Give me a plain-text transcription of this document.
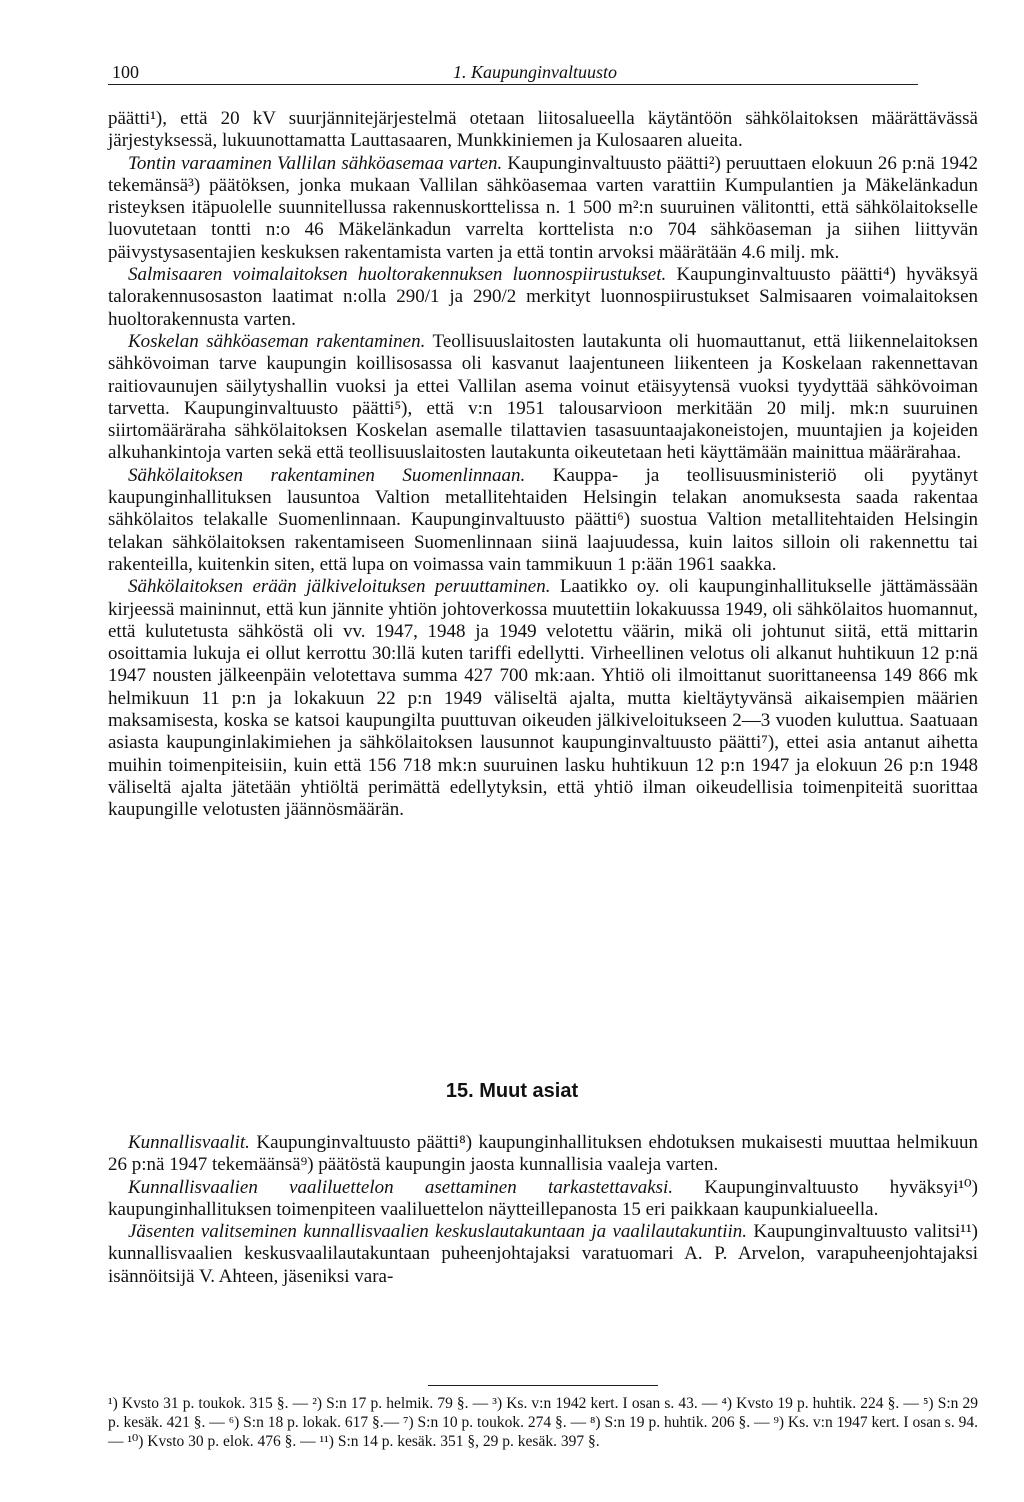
100	1. Kaupunginvaltuusto

päätti¹), että 20 kV suurjännitejärjestelmä otetaan liitosalueella käytäntöön sähkölaitoksen määrättävässä järjestyksessä, lukuunottamatta Lauttasaaren, Munkkiniemen ja Kulosaaren alueita.

Tontin varaaminen Vallilan sähköasemaa varten. Kaupunginvaltuusto päätti²) peruuttaen elokuun 26 p:nä 1942 tekemänsä³) päätöksen, jonka mukaan Vallilan sähköasemaa varten varattiin Kumpulantien ja Mäkelänkadun risteyksen itäpuolelle suunnitellussa rakennuskorttelissa n. 1 500 m²:n suuruinen välitontti, että sähkölaitokselle luovutetaan tontti n:o 46 Mäkelänkadun varrelta korttelista n:o 704 sähköaseman ja siihen liittyvän päivystysasentajien keskuksen rakentamista varten ja että tontin arvoksi määrätään 4.6 milj. mk.

Salmisaaren voimalaitoksen huoltorakennuksen luonnospiirustukset. Kaupunginvaltuusto päätti⁴) hyväksyä talorakennusosaston laatimat n:olla 290/1 ja 290/2 merkityt luonnospiirustukset Salmisaaren voimalaitoksen huoltorakennusta varten.

Koskelan sähköaseman rakentaminen. Teollisuuslaitosten lautakunta oli huomauttanut, että liikennelaitoksen sähkövoiman tarve kaupungin koillisosassa oli kasvanut laajentuneen liikenteen ja Koskelaan rakennettavan raitiovaunujen säilytyshallin vuoksi ja ettei Vallilan asema voinut etäisyytensä vuoksi tyydyttää sähkövoiman tarvetta. Kaupunginvaltuusto päätti⁵), että v:n 1951 talousarvioon merkitään 20 milj. mk:n suuruinen siirtomääräraha sähkölaitoksen Koskelan asemalle tilattavien tasasuuntaajakoneistojen, muuntajien ja kojeiden alkuhankintoja varten sekä että teollisuuslaitosten lautakunta oikeutetaan heti käyttämään mainittua määrärahaa.

Sähkölaitoksen rakentaminen Suomenlinnaan. Kauppa- ja teollisuusministeriö oli pyytänyt kaupunginhallituksen lausuntoa Valtion metallitehtaiden Helsingin telakan anomuksesta saada rakentaa sähkölaitos telakalle Suomenlinnaan. Kaupunginvaltuusto päätti⁶) suostua Valtion metallitehtaiden Helsingin telakan sähkölaitoksen rakentamiseen Suomenlinnaan siinä laajuudessa, kuin laitos silloin oli rakennettu tai rakenteilla, kuitenkin siten, että lupa on voimassa vain tammikuun 1 p:ään 1961 saakka.

Sähkölaitoksen erään jälkiveloituksen peruuttaminen. Laatikko oy. oli kaupunginhallitukselle jättämässään kirjeessä maininnut, että kun jännite yhtiön johtoverkossa muutettiin lokakuussa 1949, oli sähkölaitos huomannut, että kulutetusta sähköstä oli vv. 1947, 1948 ja 1949 velotettu väärin, mikä oli johtunut siitä, että mittarin osoittamia lukuja ei ollut kerrottu 30:llä kuten tariffi edellytti. Virheellinen velotus oli alkanut huhtikuun 12 p:nä 1947 nousten jälkeenpäin velotettava summa 427 700 mk:aan. Yhtiö oli ilmoittanut suorittaneensa 149 866 mk helmikuun 11 p:n ja lokakuun 22 p:n 1949 väliseltä ajalta, mutta kieltäytyvänsä aikaisempien määrien maksamisesta, koska se katsoi kaupungilta puuttuvan oikeuden jälkiveloitukseen 2—3 vuoden kuluttua. Saatuaan asiasta kaupunginlakimiehen ja sähkölaitoksen lausunnot kaupunginvaltuusto päätti⁷), ettei asia antanut aihetta muihin toimenpiteisiin, kuin että 156 718 mk:n suuruinen lasku huhtikuun 12 p:n 1947 ja elokuun 26 p:n 1948 väliseltä ajalta jätetään yhtiöltä perimättä edellytyksin, että yhtiö ilman oikeudellisia toimenpiteitä suorittaa kaupungille velotusten jäännösmäärän.

15. Muut asiat

Kunnallisvaalit. Kaupunginvaltuusto päätti⁸) kaupunginhallituksen ehdotuksen mukaisesti muuttaa helmikuun 26 p:nä 1947 tekemäänsä⁹) päätöstä kaupungin jaosta kunnallisia vaaleja varten.

Kunnallisvaalien vaaliluettelon asettaminen tarkastettavaksi. Kaupunginvaltuusto hyväksyi¹⁰) kaupunginhallituksen toimenpiteen vaaliluettelon näytteillepanosta 15 eri paikkaan kaupunkialueella.

Jäsenten valitseminen kunnallisvaalien keskuslautakuntaan ja vaalilautakuntiin. Kaupunginvaltuusto valitsi¹¹) kunnallisvaalien keskusvaalilautakuntaan puheenjohtajaksi varatuomari A. P. Arvelon, varapuheenjohtajaksi isännöitsijä V. Ahteen, jäseniksi vara-

¹) Kvsto 31 p. toukok. 315 §. — ²) S:n 17 p. helmik. 79 §. — ³) Ks. v:n 1942 kert. I osan s. 43. — ⁴) Kvsto 19 p. huhtik. 224 §. — ⁵) S:n 29 p. kesäk. 421 §. — ⁶) S:n 18 p. lokak. 617 §.— ⁷) S:n 10 p. toukok. 274 §. — ⁸) S:n 19 p. huhtik. 206 §. — ⁹) Ks. v:n 1947 kert. I osan s. 94.— ¹⁰) Kvsto 30 p. elok. 476 §. — ¹¹) S:n 14 p. kesäk. 351 §, 29 p. kesäk. 397 §.
